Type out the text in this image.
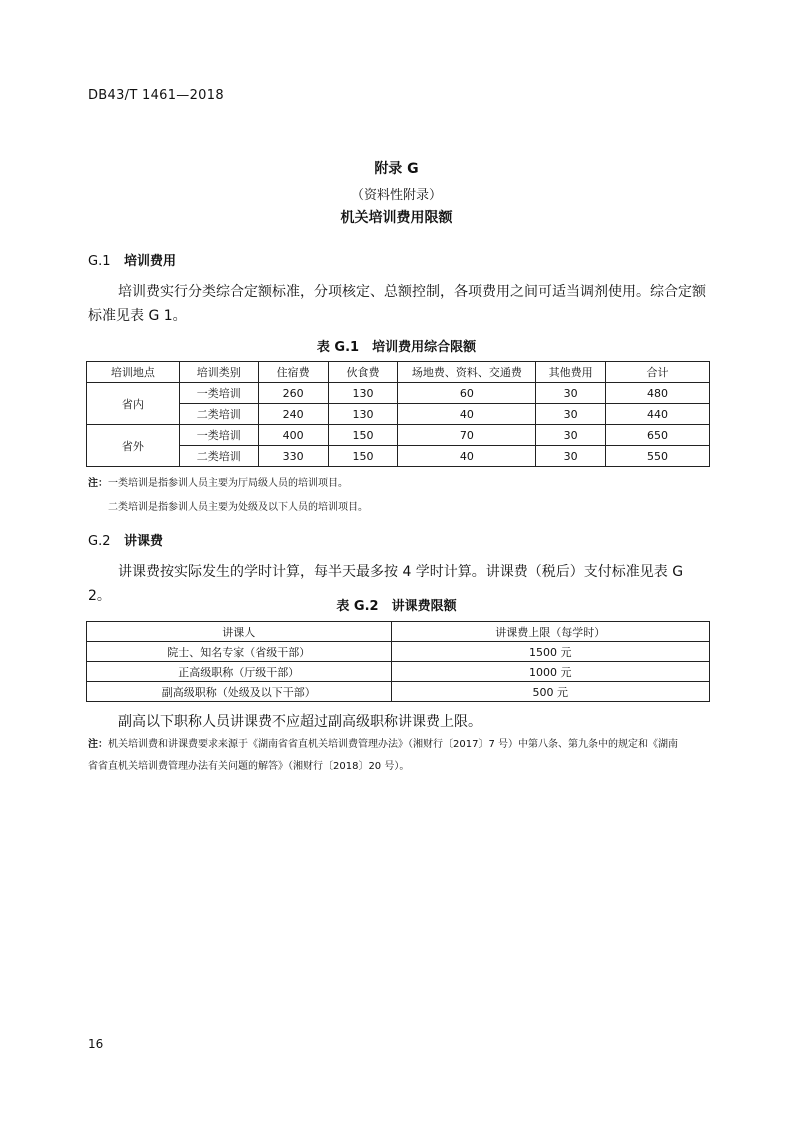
DB43/T 1461—2018
附录 G
（资料性附录）
机关培训费用限额
G.1 培训费用
培训费实行分类综合定额标准，分项核定、总额控制，各项费用之间可适当调剂使用。综合定额标准见表 G 1。
表 G.1　培训费用综合限额
培训地点	培训类别	住宿费	伙食费	场地费、资料、交通费	其他费用	合计
省内	一类培训	260	130	60	30	480
	二类培训	240	130	40	30	440
省外	一类培训	400	150	70	30	650
	二类培训	330	150	40	30	550
注：一类培训是指参训人员主要为厅局级人员的培训项目。
二类培训是指参训人员主要为处级及以下人员的培训项目。
G.2 讲课费
讲课费按实际发生的学时计算，每半天最多按 4 学时计算。讲课费（税后）支付标准见表 G 2。
表 G.2　讲课费限额
讲课人	讲课费上限（每学时）
院士、知名专家（省级干部）	1500 元
正高级职称（厅级干部）	1000 元
副高级职称（处级及以下干部）	500 元
副高以下职称人员讲课费不应超过副高级职称讲课费上限。
注：机关培训费和讲课费要求来源于《湖南省省直机关培训费管理办法》（湘财行〔2017〕7 号）中第八条、第九条中的规定和《湖南
省省直机关培训费管理办法有关问题的解答》（湘财行〔2018〕20 号）。
16
